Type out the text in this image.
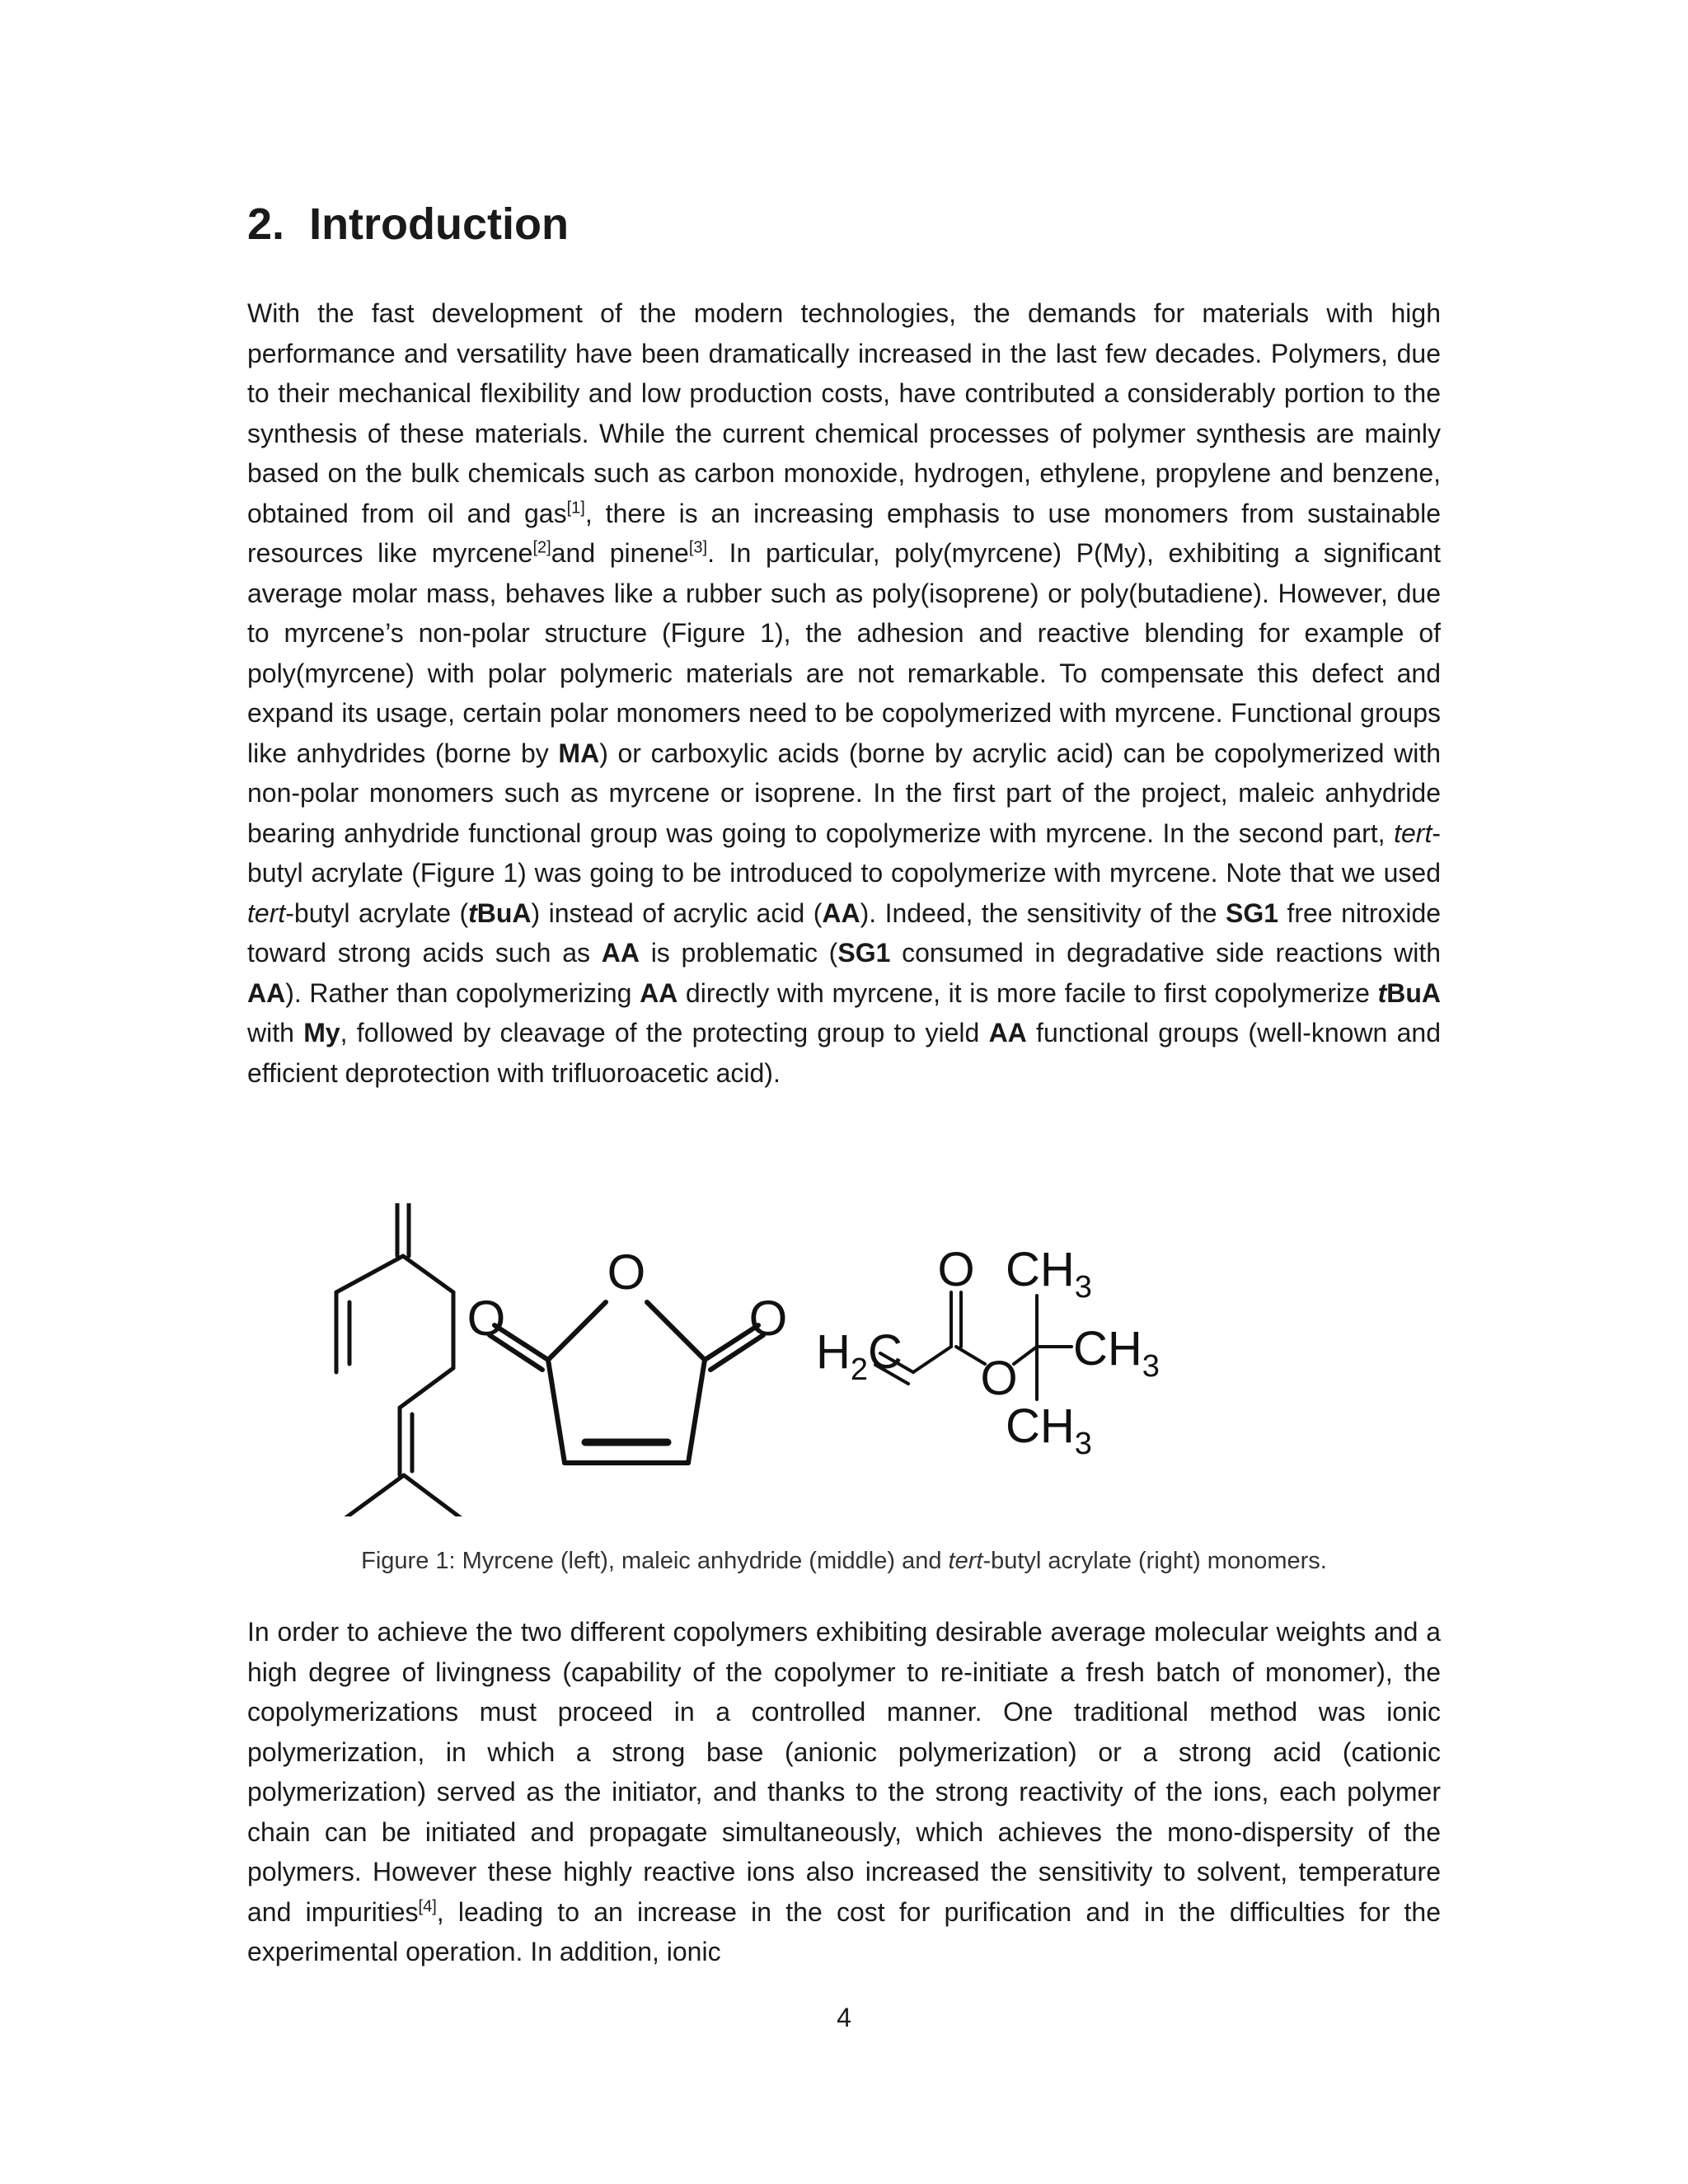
2. Introduction

With the fast development of the modern technologies, the demands for materials with high performance and versatility have been dramatically increased in the last few decades. Polymers, due to their mechanical flexibility and low production costs, have contributed a considerably portion to the synthesis of these materials. While the current chemical processes of polymer synthesis are mainly based on the bulk chemicals such as carbon monoxide, hydrogen, ethylene, propylene and benzene, obtained from oil and gas[1], there is an increasing emphasis to use monomers from sustainable resources like myrcene[2]and pinene[3]. In particular, poly(myrcene) P(My), exhibiting a significant average molar mass, behaves like a rubber such as poly(isoprene) or poly(butadiene). However, due to myrcene’s non-polar structure (Figure 1), the adhesion and reactive blending for example of poly(myrcene) with polar polymeric materials are not remarkable. To compensate this defect and expand its usage, certain polar monomers need to be copolymerized with myrcene. Functional groups like anhydrides (borne by MA) or carboxylic acids (borne by acrylic acid) can be copolymerized with non-polar monomers such as myrcene or isoprene. In the first part of the project, maleic anhydride bearing anhydride functional group was going to copolymerize with myrcene. In the second part, tert-butyl acrylate (Figure 1) was going to be introduced to copolymerize with myrcene. Note that we used tert-butyl acrylate (tBuA) instead of acrylic acid (AA). Indeed, the sensitivity of the SG1 free nitroxide toward strong acids such as AA is problematic (SG1 consumed in degradative side reactions with AA). Rather than copolymerizing AA directly with myrcene, it is more facile to first copolymerize tBuA with My, followed by cleavage of the protecting group to yield AA functional groups (well-known and efficient deprotection with trifluoroacetic acid).

O
O	O
$H_2C$
O
O
$CH_3$
$CH_3$
$CH_3$

Figure 1: Myrcene (left), maleic anhydride (middle) and tert-butyl acrylate (right) monomers.

In order to achieve the two different copolymers exhibiting desirable average molecular weights and a high degree of livingness (capability of the copolymer to re-initiate a fresh batch of monomer), the copolymerizations must proceed in a controlled manner. One traditional method was ionic polymerization, in which a strong base (anionic polymerization) or a strong acid (cationic polymerization) served as the initiator, and thanks to the strong reactivity of the ions, each polymer chain can be initiated and propagate simultaneously, which achieves the mono-dispersity of the polymers. However these highly reactive ions also increased the sensitivity to solvent, temperature and impurities[4], leading to an increase in the cost for purification and in the difficulties for the experimental operation. In addition, ionic

4
